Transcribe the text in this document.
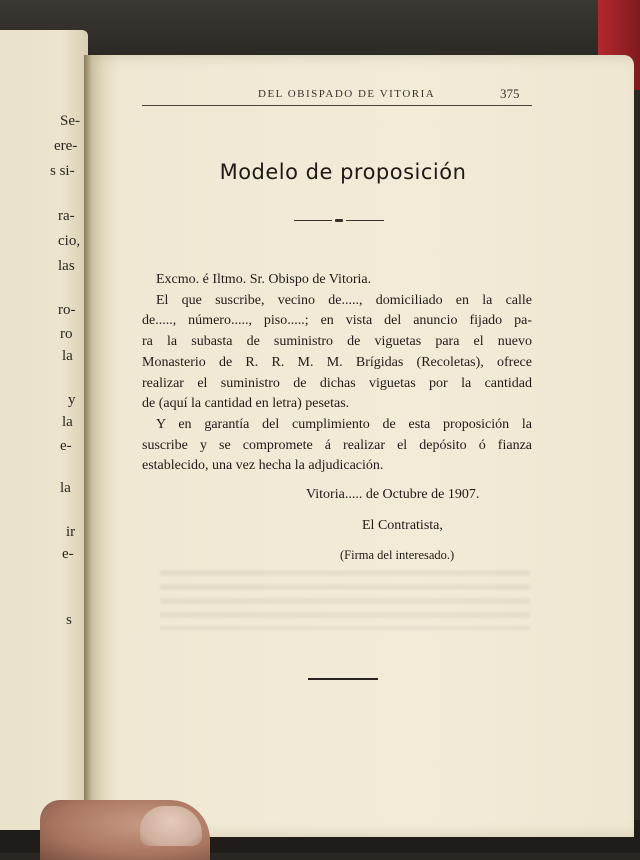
Se-
ere-
s si-
ra-
cio,
las
ro-
ro
la
y
la
e-
la
ir
e-
s
DEL OBISPADO DE VITORIA	375
Modelo de proposición
Excmo. é Iltmo. Sr. Obispo de Vitoria.
El que suscribe, vecino de....., domiciliado en la calle
de....., número....., piso.....; en vista del anuncio fijado pa-
ra la subasta de suministro de viguetas para el nuevo
Monasterio de R. R. M. M. Brígidas (Recoletas), ofrece
realizar el suministro de dichas viguetas por la cantidad
de (aquí la cantidad en letra) pesetas.
Y en garantía del cumplimiento de esta proposición la
suscribe y se compromete á realizar el depósito ó fianza
establecido, una vez hecha la adjudicación.
Vitoria..... de Octubre de 1907.
El Contratista,
(Firma del interesado.)
